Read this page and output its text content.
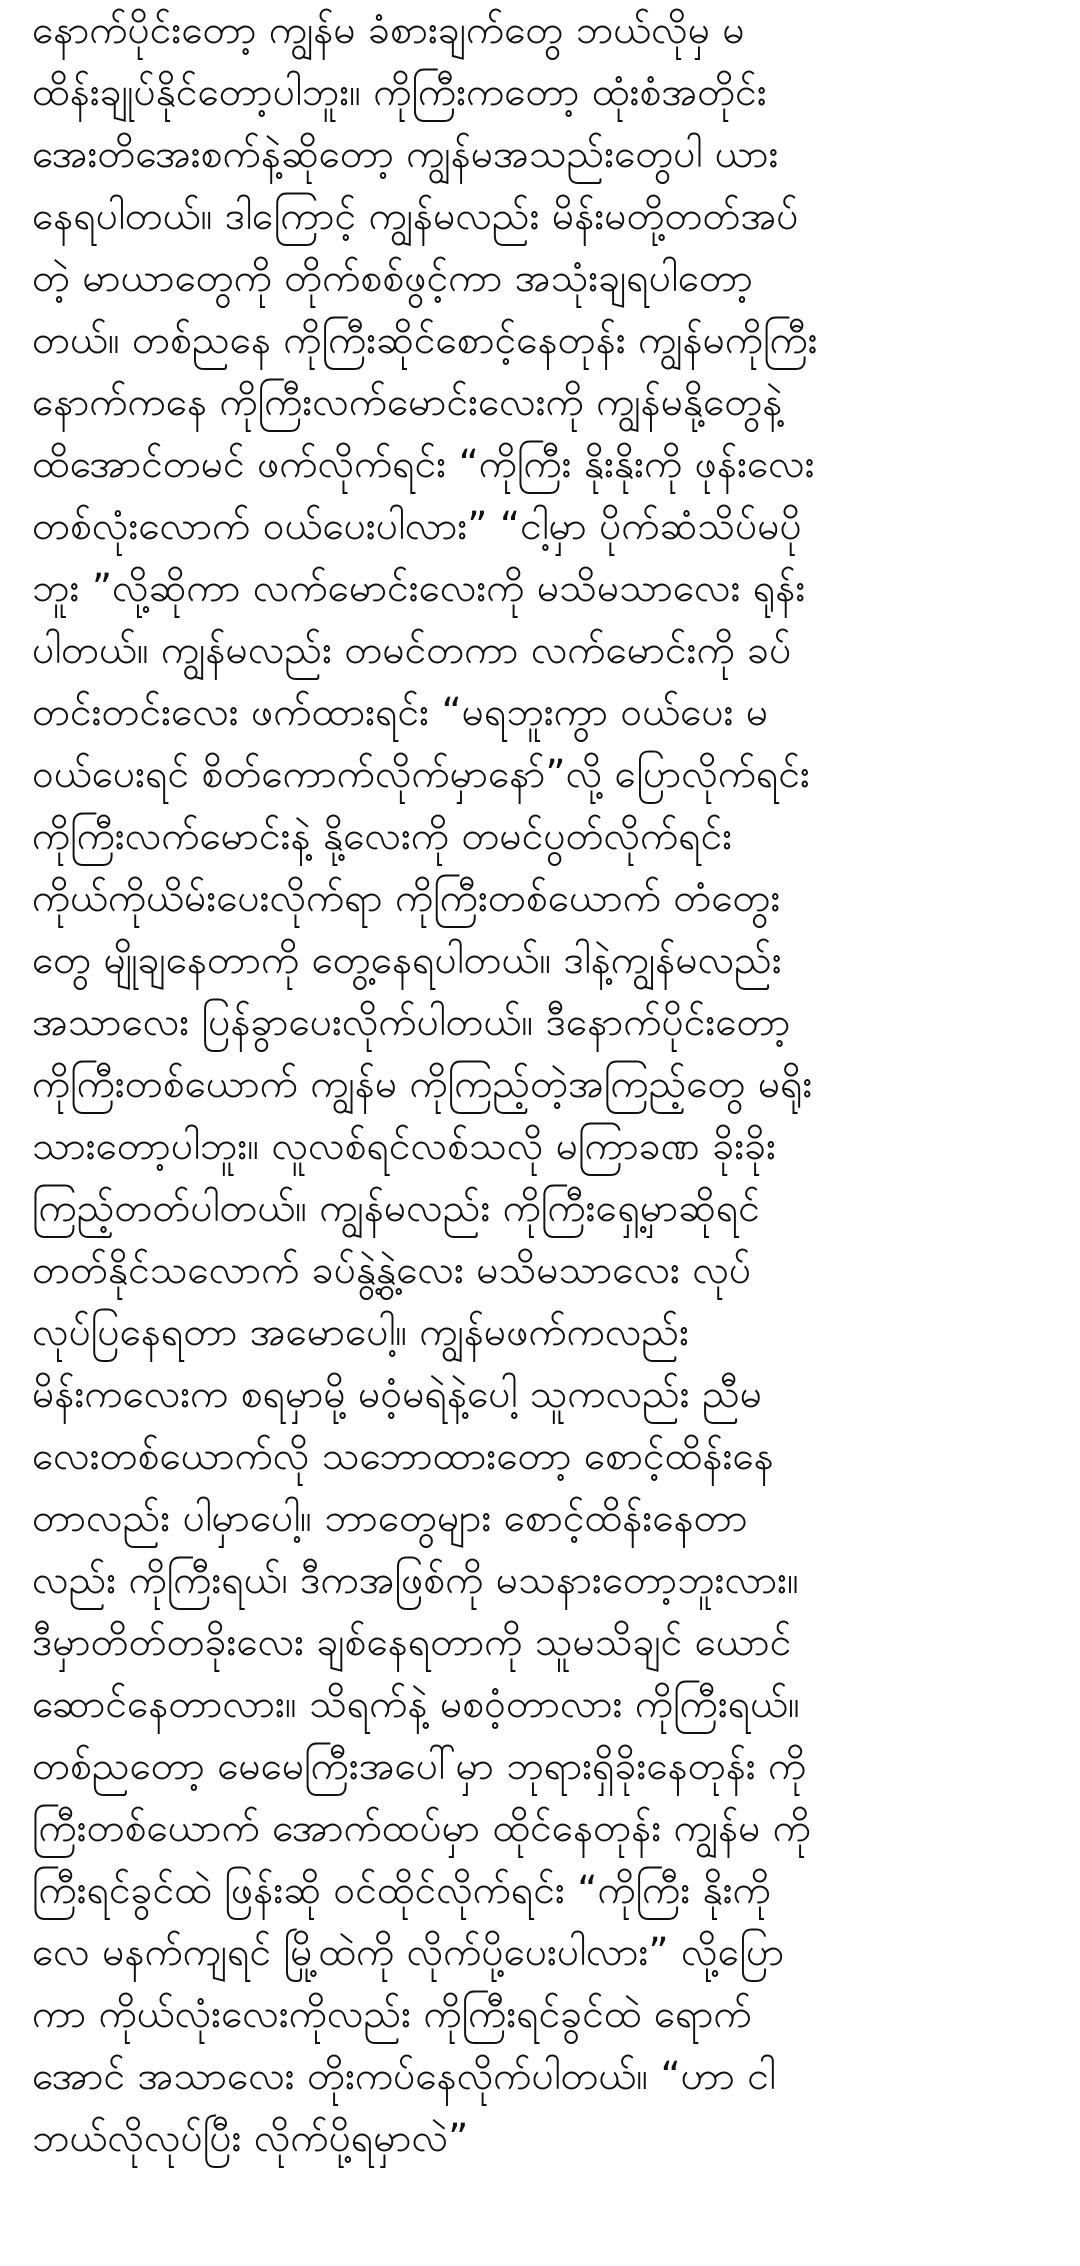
နောက်ပိုင်းတော့ ကျွန်မ ခံစားချက်တွေ ဘယ်လိုမှ မ
ထိန်းချုပ်နိုင်တော့ပါဘူး။ ကိုကြီးကတော့ ထုံးစံအတိုင်း
အေးတိအေးစက်နဲ့ဆိုတော့ ကျွန်မအသည်းတွေပါ ယား
နေရပါတယ်။ ဒါကြောင့် ကျွန်မလည်း မိန်းမတို့တတ်အပ်
တဲ့ မာယာတွေကို တိုက်စစ်ဖွင့်ကာ အသုံးချရပါတော့
တယ်။ တစ်ညနေ ကိုကြီးဆိုင်စောင့်နေတုန်း ကျွန်မကိုကြီး
နောက်ကနေ ကိုကြီးလက်မောင်းလေးကို ကျွန်မနို့တွေနဲ့
ထိအောင်တမင် ဖက်လိုက်ရင်း “ကိုကြီး နိုးနိုးကို ဖုန်းလေး
တစ်လုံးလောက် ဝယ်ပေးပါလား” “ငါ့မှာ ပိုက်ဆံသိပ်မပို
ဘူး ”လို့ဆိုကာ လက်မောင်းလေးကို မသိမသာလေး ရုန်း
ပါတယ်။ ကျွန်မလည်း တမင်တကာ လက်မောင်းကို ခပ်
တင်းတင်းလေး ဖက်ထားရင်း “မရဘူးကွာ ဝယ်ပေး မ
ဝယ်ပေးရင် စိတ်ကောက်လိုက်မှာနော်”လို့ ပြောလိုက်ရင်း
ကိုကြီးလက်မောင်းနဲ့ နို့လေးကို တမင်ပွတ်လိုက်ရင်း
ကိုယ်ကိုယိမ်းပေးလိုက်ရာ ကိုကြီးတစ်ယောက် တံတွေး
တွေ မျိုချနေတာကို တွေ့နေရပါတယ်။ ဒါနဲ့ကျွန်မလည်း
အသာလေး ပြန်ခွာပေးလိုက်ပါတယ်။ ဒီနောက်ပိုင်းတော့
ကိုကြီးတစ်ယောက် ကျွန်မ ကိုကြည့်တဲ့အကြည့်တွေ မရိုး
သားတော့ပါဘူး။ လူလစ်ရင်လစ်သလို မကြာခဏ ခိုးခိုး
ကြည့်တတ်ပါတယ်။ ကျွန်မလည်း ကိုကြီးရှေ့မှာဆိုရင်
တတ်နိုင်သလောက် ခပ်နွဲ့နွဲ့လေး မသိမသာလေး လုပ်
လုပ်ပြနေရတာ အမောပေါ့။ ကျွန်မဖက်ကလည်း
မိန်းကလေးက စရမှာမို့ မဝံ့မရဲနဲ့ပေါ့ သူကလည်း ညီမ
လေးတစ်ယောက်လို သဘောထားတော့ စောင့်ထိန်းနေ
တာလည်း ပါမှာပေါ့။ ဘာတွေများ စောင့်ထိန်းနေတာ
လည်း ကိုကြီးရယ်၊ ဒီကအဖြစ်ကို မသနားတော့ဘူးလား။
ဒီမှာတိတ်တခိုးလေး ချစ်နေရတာကို သူမသိချင် ယောင်
ဆောင်နေတာလား။ သိရက်နဲ့ မစဝံ့တာလား ကိုကြီးရယ်။
တစ်ညတော့ မေမေကြီးအပေါ်မှာ ဘုရားရှိခိုးနေတုန်း ကို
ကြီးတစ်ယောက် အောက်ထပ်မှာ ထိုင်နေတုန်း ကျွန်မ ကို
ကြီးရင်ခွင်ထဲ ဖြန်းဆို ဝင်ထိုင်လိုက်ရင်း “ကိုကြီး နိုးကို
လေ မနက်ကျရင် မြို့ထဲကို လိုက်ပို့ပေးပါလား” လို့ပြော
ကာ ကိုယ်လုံးလေးကိုလည်း ကိုကြီးရင်ခွင်ထဲ ရောက်
အောင် အသာလေး တိုးကပ်နေလိုက်ပါတယ်။ “ဟာ ငါ
ဘယ်လိုလုပ်ပြီး လိုက်ပို့ရမှာလဲ”
